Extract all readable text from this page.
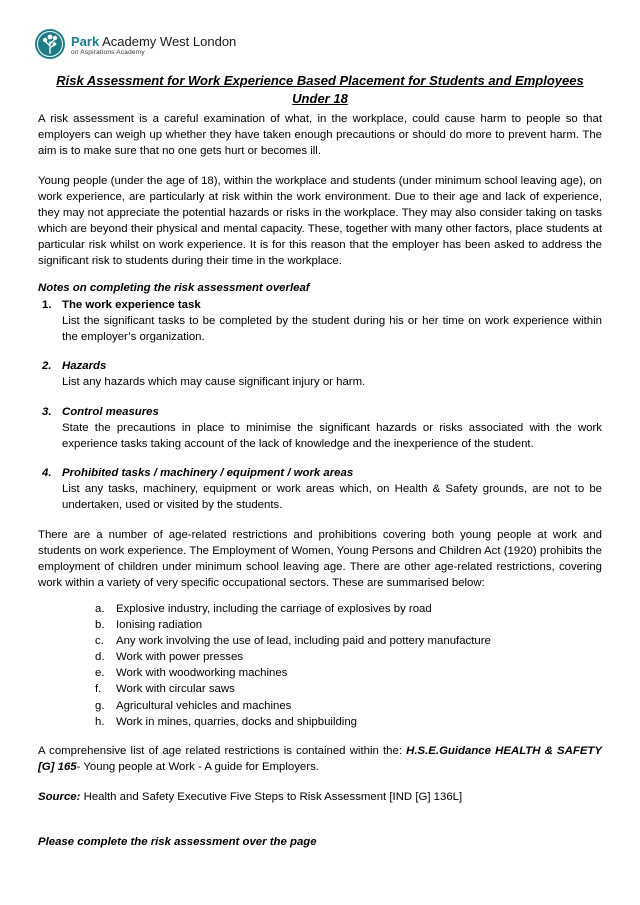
Park Academy West London
on Aspirations Academy
Risk Assessment for Work Experience Based Placement for Students and Employees
Under 18

A risk assessment is a careful examination of what, in the workplace, could cause harm to people so that employers can weigh up whether they have taken enough precautions or should do more to prevent harm. The aim is to make sure that no one gets hurt or becomes ill.

Young people (under the age of 18), within the workplace and students (under minimum school leaving age), on work experience, are particularly at risk within the work environment. Due to their age and lack of experience, they may not appreciate the potential hazards or risks in the workplace. They may also consider taking on tasks which are beyond their physical and mental capacity. These, together with many other factors, place students at particular risk whilst on work experience. It is for this reason that the employer has been asked to address the significant risk to students during their time in the workplace.

Notes on completing the risk assessment overleaf
1. The work experience task
List the significant tasks to be completed by the student during his or her time on work experience within the employer’s organization.
2. Hazards
List any hazards which may cause significant injury or harm.
3. Control measures
State the precautions in place to minimise the significant hazards or risks associated with the work experience tasks taking account of the lack of knowledge and the inexperience of the student.
4. Prohibited tasks / machinery / equipment / work areas
List any tasks, machinery, equipment or work areas which, on Health & Safety grounds, are not to be undertaken, used or visited by the students.

There are a number of age-related restrictions and prohibitions covering both young people at work and students on work experience. The Employment of Women, Young Persons and Children Act (1920) prohibits the employment of children under minimum school leaving age. There are other age-related restrictions, covering work within a variety of very specific occupational sectors. These are summarised below:

a. Explosive industry, including the carriage of explosives by road
b. Ionising radiation
c. Any work involving the use of lead, including paid and pottery manufacture
d. Work with power presses
e. Work with woodworking machines
f. Work with circular saws
g. Agricultural vehicles and machines
h. Work in mines, quarries, docks and shipbuilding

A comprehensive list of age related restrictions is contained within the: H.S.E.Guidance HEALTH & SAFETY [G] 165- Young people at Work - A guide for Employers.

Source: Health and Safety Executive Five Steps to Risk Assessment [IND [G] 136L]

Please complete the risk assessment over the page
